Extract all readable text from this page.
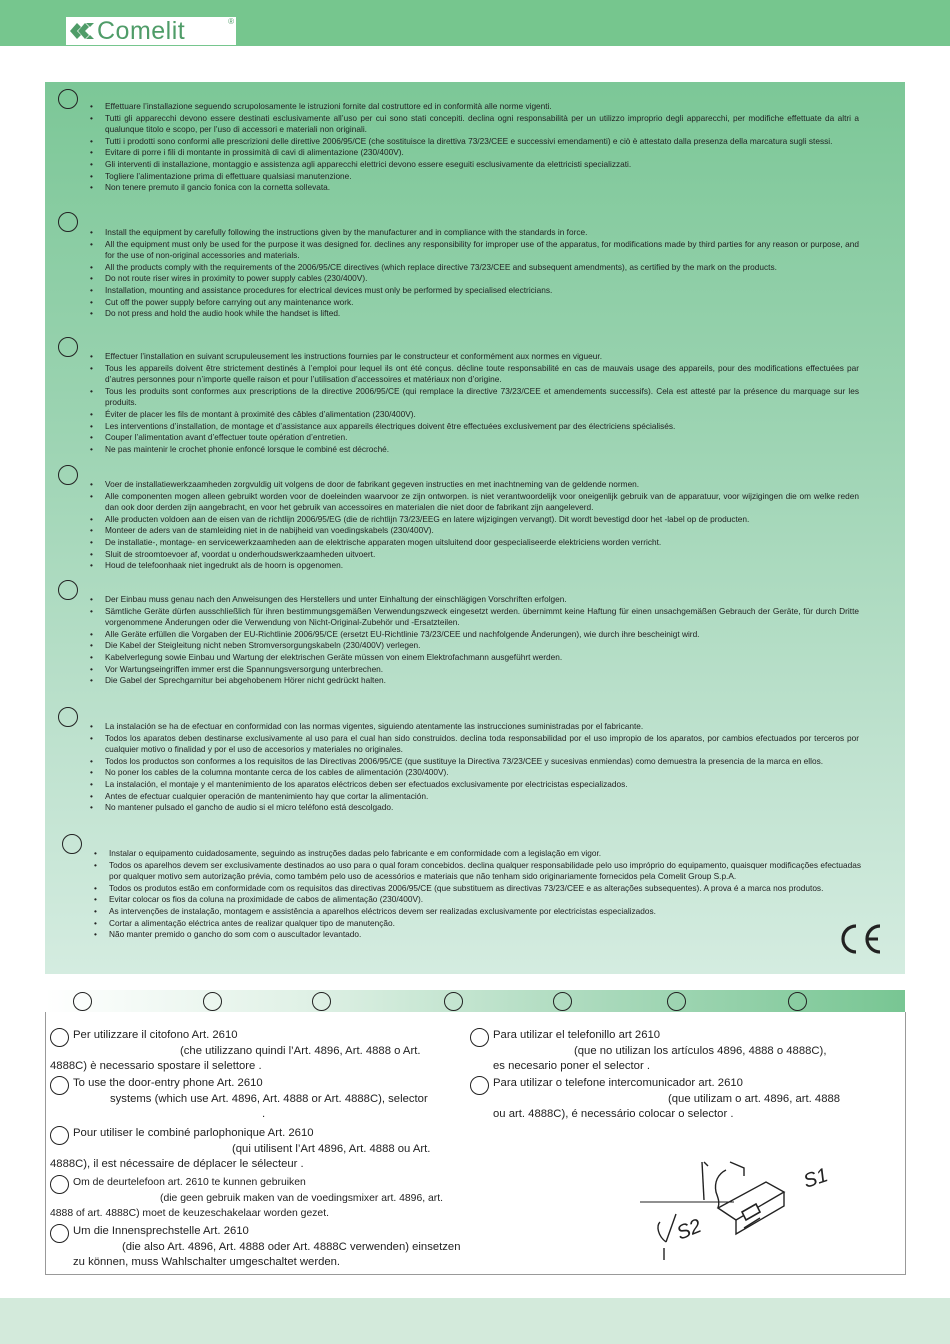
Comelit	®
• Effettuare l’installazione seguendo scrupolosamente le istruzioni fornite dal costruttore ed in conformità alle norme vigenti.
• Tutti gli apparecchi devono essere destinati esclusivamente all’uso per cui sono stati concepiti. declina ogni responsabilità per un utilizzo improprio degli apparecchi, per modifiche effettuate da altri a qualunque titolo e scopo, per l’uso di accessori e materiali non originali.
• Tutti i prodotti sono conformi alle prescrizioni delle direttive 2006/95/CE (che sostituisce la direttiva 73/23/CEE e successivi emendamenti) e ciò è attestato dalla presenza della marcatura sugli stessi.
• Evitare di porre i fili di montante in prossimità di cavi di alimentazione (230/400V).
• Gli interventi di installazione, montaggio e assistenza agli apparecchi elettrici devono essere eseguiti esclusivamente da elettricisti specializzati.
• Togliere l’alimentazione prima di effettuare qualsiasi manutenzione.
• Non tenere premuto il gancio fonica con la cornetta sollevata.
• Install the equipment by carefully following the instructions given by the manufacturer and in compliance with the standards in force.
• All the equipment must only be used for the purpose it was designed for. declines any responsibility for improper use of the apparatus, for modifications made by third parties for any reason or purpose, and for the use of non-original accessories and materials.
• All the products comply with the requirements of the 2006/95/CE directives (which replace directive 73/23/CEE and subsequent amendments), as certified by the mark on the products.
• Do not route riser wires in proximity to power supply cables (230/400V).
• Installation, mounting and assistance procedures for electrical devices must only be performed by specialised electricians.
• Cut off the power supply before carrying out any maintenance work.
• Do not press and hold the audio hook while the handset is lifted.
• Effectuer l’installation en suivant scrupuleusement les instructions fournies par le constructeur et conformément aux normes en vigueur.
• Tous les appareils doivent être strictement destinés à l’emploi pour lequel ils ont été conçus. décline toute responsabilité en cas de mauvais usage des appareils, pour des modifications effectuées par d’autres personnes pour n’importe quelle raison et pour l’utilisation d’accessoires et matériaux non d’origine.
• Tous les produits sont conformes aux prescriptions de la directive 2006/95/CE (qui remplace la directive 73/23/CEE et amendements successifs). Cela est attesté par la présence du marquage sur les produits.
• Éviter de placer les fils de montant à proximité des câbles d’alimentation (230/400V).
• Les interventions d’installation, de montage et d’assistance aux appareils électriques doivent être effectuées exclusivement par des électriciens spécialisés.
• Couper l’alimentation avant d’effectuer toute opération d’entretien.
• Ne pas maintenir le crochet phonie enfoncé lorsque le combiné est décroché.
• Voer de installatiewerkzaamheden zorgvuldig uit volgens de door de fabrikant gegeven instructies en met inachtneming van de geldende normen.
• Alle componenten mogen alleen gebruikt worden voor de doeleinden waarvoor ze zijn ontworpen. is niet verantwoordelijk voor oneigenlijk gebruik van de apparatuur, voor wijzigingen die om welke reden dan ook door derden zijn aangebracht, en voor het gebruik van accessoires en materialen die niet door de fabrikant zijn aangeleverd.
• Alle producten voldoen aan de eisen van de richtlijn 2006/95/EG (die de richtlijn 73/23/EEG en latere wijzigingen vervangt). Dit wordt bevestigd door het -label op de producten.
• Monteer de aders van de stamleiding niet in de nabijheid van voedingskabels (230/400V).
• De installatie-, montage- en servicewerkzaamheden aan de elektrische apparaten mogen uitsluitend door gespecialiseerde elektriciens worden verricht.
• Sluit de stroomtoevoer af, voordat u onderhoudswerkzaamheden uitvoert.
• Houd de telefoonhaak niet ingedrukt als de hoorn is opgenomen.
• Der Einbau muss genau nach den Anweisungen des Herstellers und unter Einhaltung der einschlägigen Vorschriften erfolgen.
• Sämtliche Geräte dürfen ausschließlich für ihren bestimmungsgemäßen Verwendungszweck eingesetzt werden. übernimmt keine Haftung für einen unsachgemäßen Gebrauch der Geräte, für durch Dritte vorgenommene Änderungen oder die Verwendung von Nicht-Original-Zubehör und -Ersatzteilen.
• Alle Geräte erfüllen die Vorgaben der EU-Richtlinie 2006/95/CE (ersetzt EU-Richtlinie 73/23/CEE und nachfolgende Änderungen), wie durch ihre bescheinigt wird.
• Die Kabel der Steigleitung nicht neben Stromversorgungskabeln (230/400V) verlegen.
• Kabelverlegung sowie Einbau und Wartung der elektrischen Geräte müssen von einem Elektrofachmann ausgeführt werden.
• Vor Wartungseingriffen immer erst die Spannungsversorgung unterbrechen.
• Die Gabel der Sprechgarnitur bei abgehobenem Hörer nicht gedrückt halten.
• La instalación se ha de efectuar en conformidad con las normas vigentes, siguiendo atentamente las instrucciones suministradas por el fabricante.
• Todos los aparatos deben destinarse exclusivamente al uso para el cual han sido construidos. declina toda responsabilidad por el uso impropio de los aparatos, por cambios efectuados por terceros por cualquier motivo o finalidad y por el uso de accesorios y materiales no originales.
• Todos los productos son conformes a los requisitos de las Directivas 2006/95/CE (que sustituye la Directiva 73/23/CEE y sucesivas enmiendas) como demuestra la presencia de la marca en ellos.
• No poner los cables de la columna montante cerca de los cables de alimentación (230/400V).
• La instalación, el montaje y el mantenimiento de los aparatos eléctricos deben ser efectuados exclusivamente por electricistas especializados.
• Antes de efectuar cualquier operación de mantenimiento hay que cortar la alimentación.
• No mantener pulsado el gancho de audio si el micro teléfono está descolgado.
• Instalar o equipamento cuidadosamente, seguindo as instruções dadas pelo fabricante e em conformidade com a legislação em vigor.
• Todos os aparelhos devem ser exclusivamente destinados ao uso para o qual foram concebidos. declina qualquer responsabilidade pelo uso impróprio do equipamento, quaisquer modificações efectuadas por qualquer motivo sem autorização prévia, como também pelo uso de acessórios e materiais que não tenham sido originariamente fornecidos pela Comelit Group S.p.A.
• Todos os produtos estão em conformidade com os requisitos das directivas 2006/95/CE (que substituem as directivas 73/23/CEE e as alterações subsequentes). A prova é a marca nos produtos.
• Evitar colocar os fios da coluna na proximidade de cabos de alimentação (230/400V).
• As intervenções de instalação, montagem e assistência a aparelhos eléctricos devem ser realizadas exclusivamente por electricistas especializados.
• Cortar a alimentação eléctrica antes de realizar qualquer tipo de manutenção.
• Não manter premido o gancho do som com o auscultador levantado.
CE

Per utilizzare il citofono Art. 2610

(che utilizzano quindi l’Art. 4896, Art. 4888 o Art.

4888C) è necessario spostare il selettore .

To use the door-entry phone Art. 2610

systems (which use Art. 4896, Art. 4888 or Art. 4888C), selector

.

Pour utiliser le combiné parlophonique Art. 2610

(qui utilisent l’Art 4896, Art. 4888 ou Art.

4888C), il est nécessaire de déplacer le sélecteur .

Om de deurtelefoon art. 2610 te kunnen gebruiken

(die geen gebruik maken van de voedingsmixer art. 4896, art.

4888 of art. 4888C) moet de keuzeschakelaar worden gezet.

Um die Innensprechstelle Art. 2610

(die also Art. 4896, Art. 4888 oder Art. 4888C verwenden) einsetzen

zu können, muss Wahlschalter umgeschaltet werden.

Para utilizar el telefonillo art 2610

(que no utilizan los artículos 4896, 4888 o 4888C),

es necesario poner el selector .

Para utilizar o telefone intercomunicador art. 2610

(que utilizam o art. 4896, art. 4888

ou art. 4888C), é necessário colocar o selector .

S1
S2
